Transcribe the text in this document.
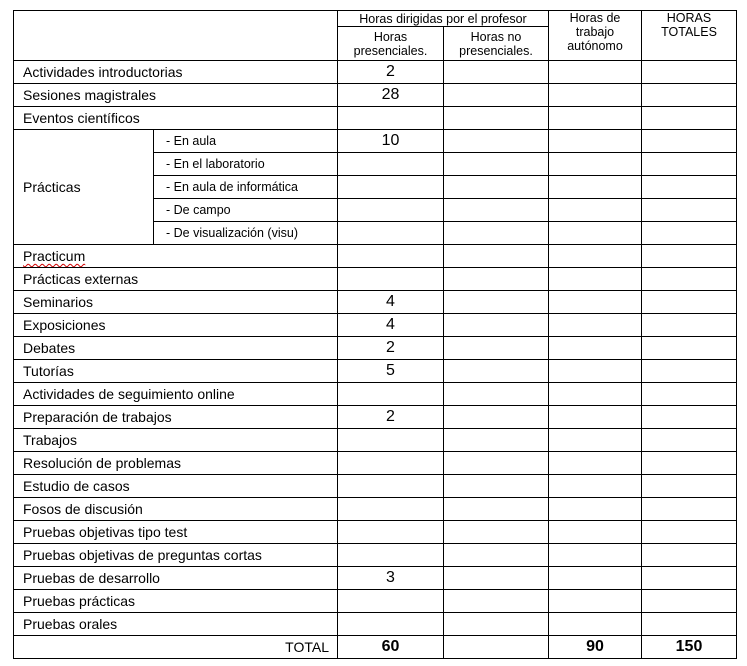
		Horas dirigidas por el profesor		Horas de trabajo autónomo	HORAS TOTALES
		Horas presenciales.	Horas no presenciales.		
Actividades introductorias		2			
Sesiones magistrales		28			
Eventos científicos					
Prácticas	- En aula	10			
	- En el laboratorio				
	- En aula de informática				
	- De campo				
	- De visualización (visu)				
Practicum					
Prácticas externas					
Seminarios		4			
Exposiciones		4			
Debates		2			
Tutorías		5			
Actividades de seguimiento online					
Preparación de trabajos		2			
Trabajos					
Resolución de problemas					
Estudio de casos					
Fosos de discusión					
Pruebas objetivas tipo test					
Pruebas objetivas de preguntas cortas					
Pruebas de desarrollo		3			
Pruebas prácticas					
Pruebas orales					
TOTAL		60		90	150
